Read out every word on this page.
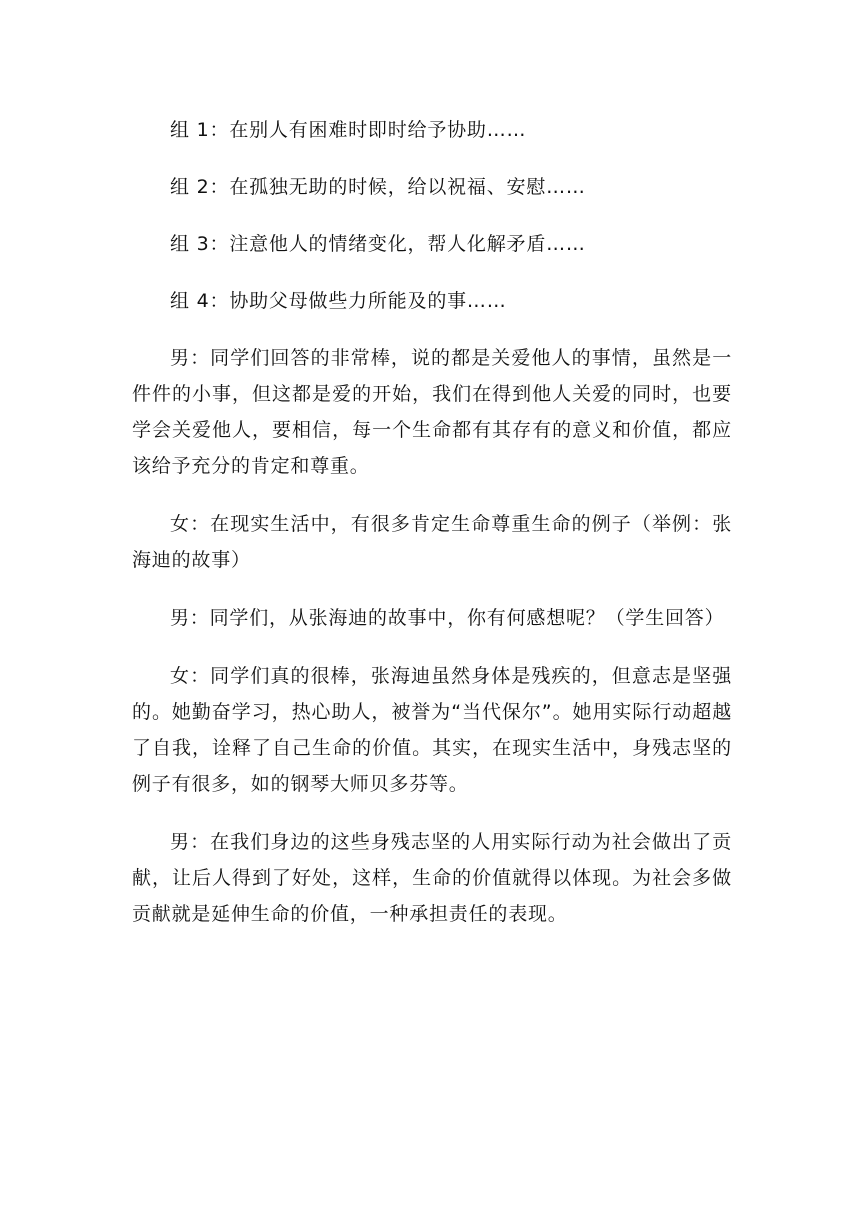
组 1：在别人有困难时即时给予协助……

组 2：在孤独无助的时候，给以祝福、安慰……

组 3：注意他人的情绪变化，帮人化解矛盾……

组 4：协助父母做些力所能及的事……

男：同学们回答的非常棒，说的都是关爱他人的事情，虽然是一件件的小事，但这都是爱的开始，我们在得到他人关爱的同时，也要学会关爱他人，要相信，每一个生命都有其存有的意义和价值，都应该给予充分的肯定和尊重。

女：在现实生活中，有很多肯定生命尊重生命的例子（举例：张海迪的故事）

男：同学们，从张海迪的故事中，你有何感想呢？（学生回答）

女：同学们真的很棒，张海迪虽然身体是残疾的，但意志是坚强的。她勤奋学习，热心助人，被誉为“当代保尔”。她用实际行动超越了自我，诠释了自己生命的价值。其实，在现实生活中，身残志坚的例子有很多，如的钢琴大师贝多芬等。

男：在我们身边的这些身残志坚的人用实际行动为社会做出了贡献，让后人得到了好处，这样，生命的价值就得以体现。为社会多做贡献就是延伸生命的价值，一种承担责任的表现。
